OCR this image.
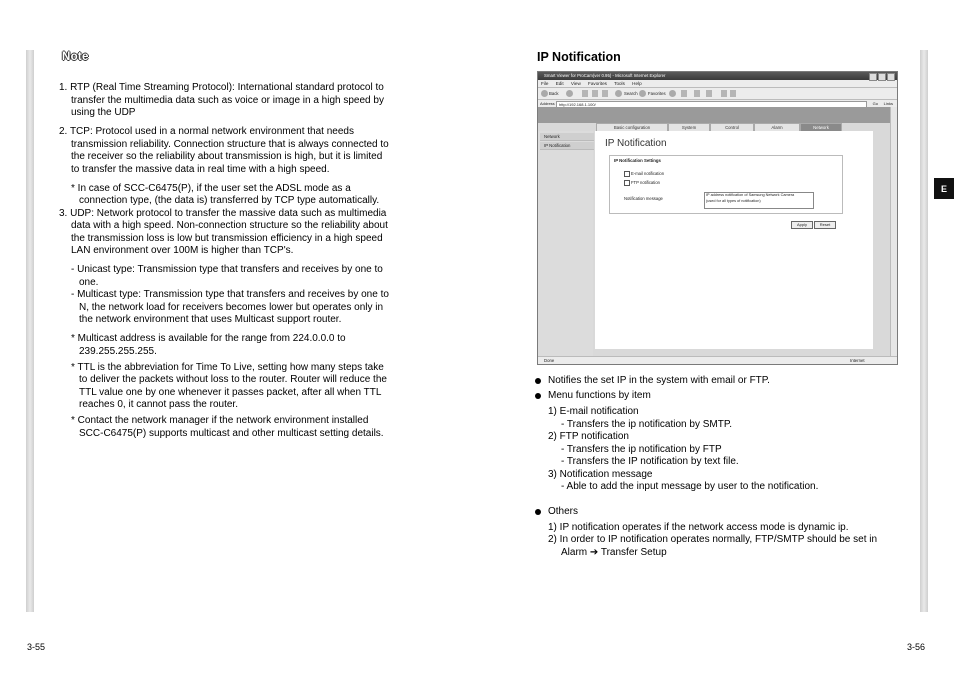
E
Note
1. RTP (Real Time Streaming Protocol): International standard protocol to
transfer the multimedia data such as voice or image in a high speed by
using the UDP
2. TCP: Protocol used in a normal network environment that needs
transmission reliability. Connection structure that is always connected to
the receiver so the reliability about transmission is high, but it is limited
to transfer the massive data in real time with a high speed.
* In case of SCC-C6475(P), if the user set the ADSL mode as a
connection type, (the data is) transferred by TCP type automatically.
3. UDP: Network protocol to transfer the massive data such as multimedia
data with a high speed. Non-connection structure so the reliability about
the transmission loss is low but transmission efficiency in a high speed
LAN environment over 100M is higher than TCP's.
- Unicast type: Transmission type that transfers and receives by one to
one.
- Multicast type: Transmission type that transfers and receives by one to
N, the network load for receivers becomes lower but operates only in
the network environment that uses Multicast support router.
* Multicast address is available for the range from 224.0.0.0 to
239.255.255.255.
* TTL is the abbreviation for Time To Live, setting how many steps take
to deliver the packets without loss to the router. Router will reduce the
TTL value one by one whenever it passes packet, after all when TTL
reaches 0, it cannot pass the router.
* Contact the network manager if the network environment installed
SCC-C6475(P) supports multicast and other multicast setting details.
3-55
IP Notification
Smart Viewer for ProCam(ver 0.95) - Microsoft Internet Explorer
File Edit View Favorites Tools Help
Back	Search Favorites
Address	http://192.168.1.100/	Go Links
Basic configuration	System	Control	Alarm	Network
Network
IP Notification	IP Notification
IP Notification Settings
E-mail notification
FTP notification
Notification message
IP address notification of Samsung Network Camera
(used for all types of notification)
Apply	Reset
Done	Internet
Notifies the set IP in the system with email or FTP.
Menu functions by item
1) E-mail notification
- Transfers the ip notification by SMTP.
2) FTP notification
- Transfers the ip notification by FTP
- Transfers the IP notification by text file.
3) Notification message
- Able to add the input message by user to the notification.
Others
1) IP notification operates if the network access mode is dynamic ip.
2) In order to IP notification operates normally, FTP/SMTP should be set in
Alarm ➔ Transfer Setup
3-56
